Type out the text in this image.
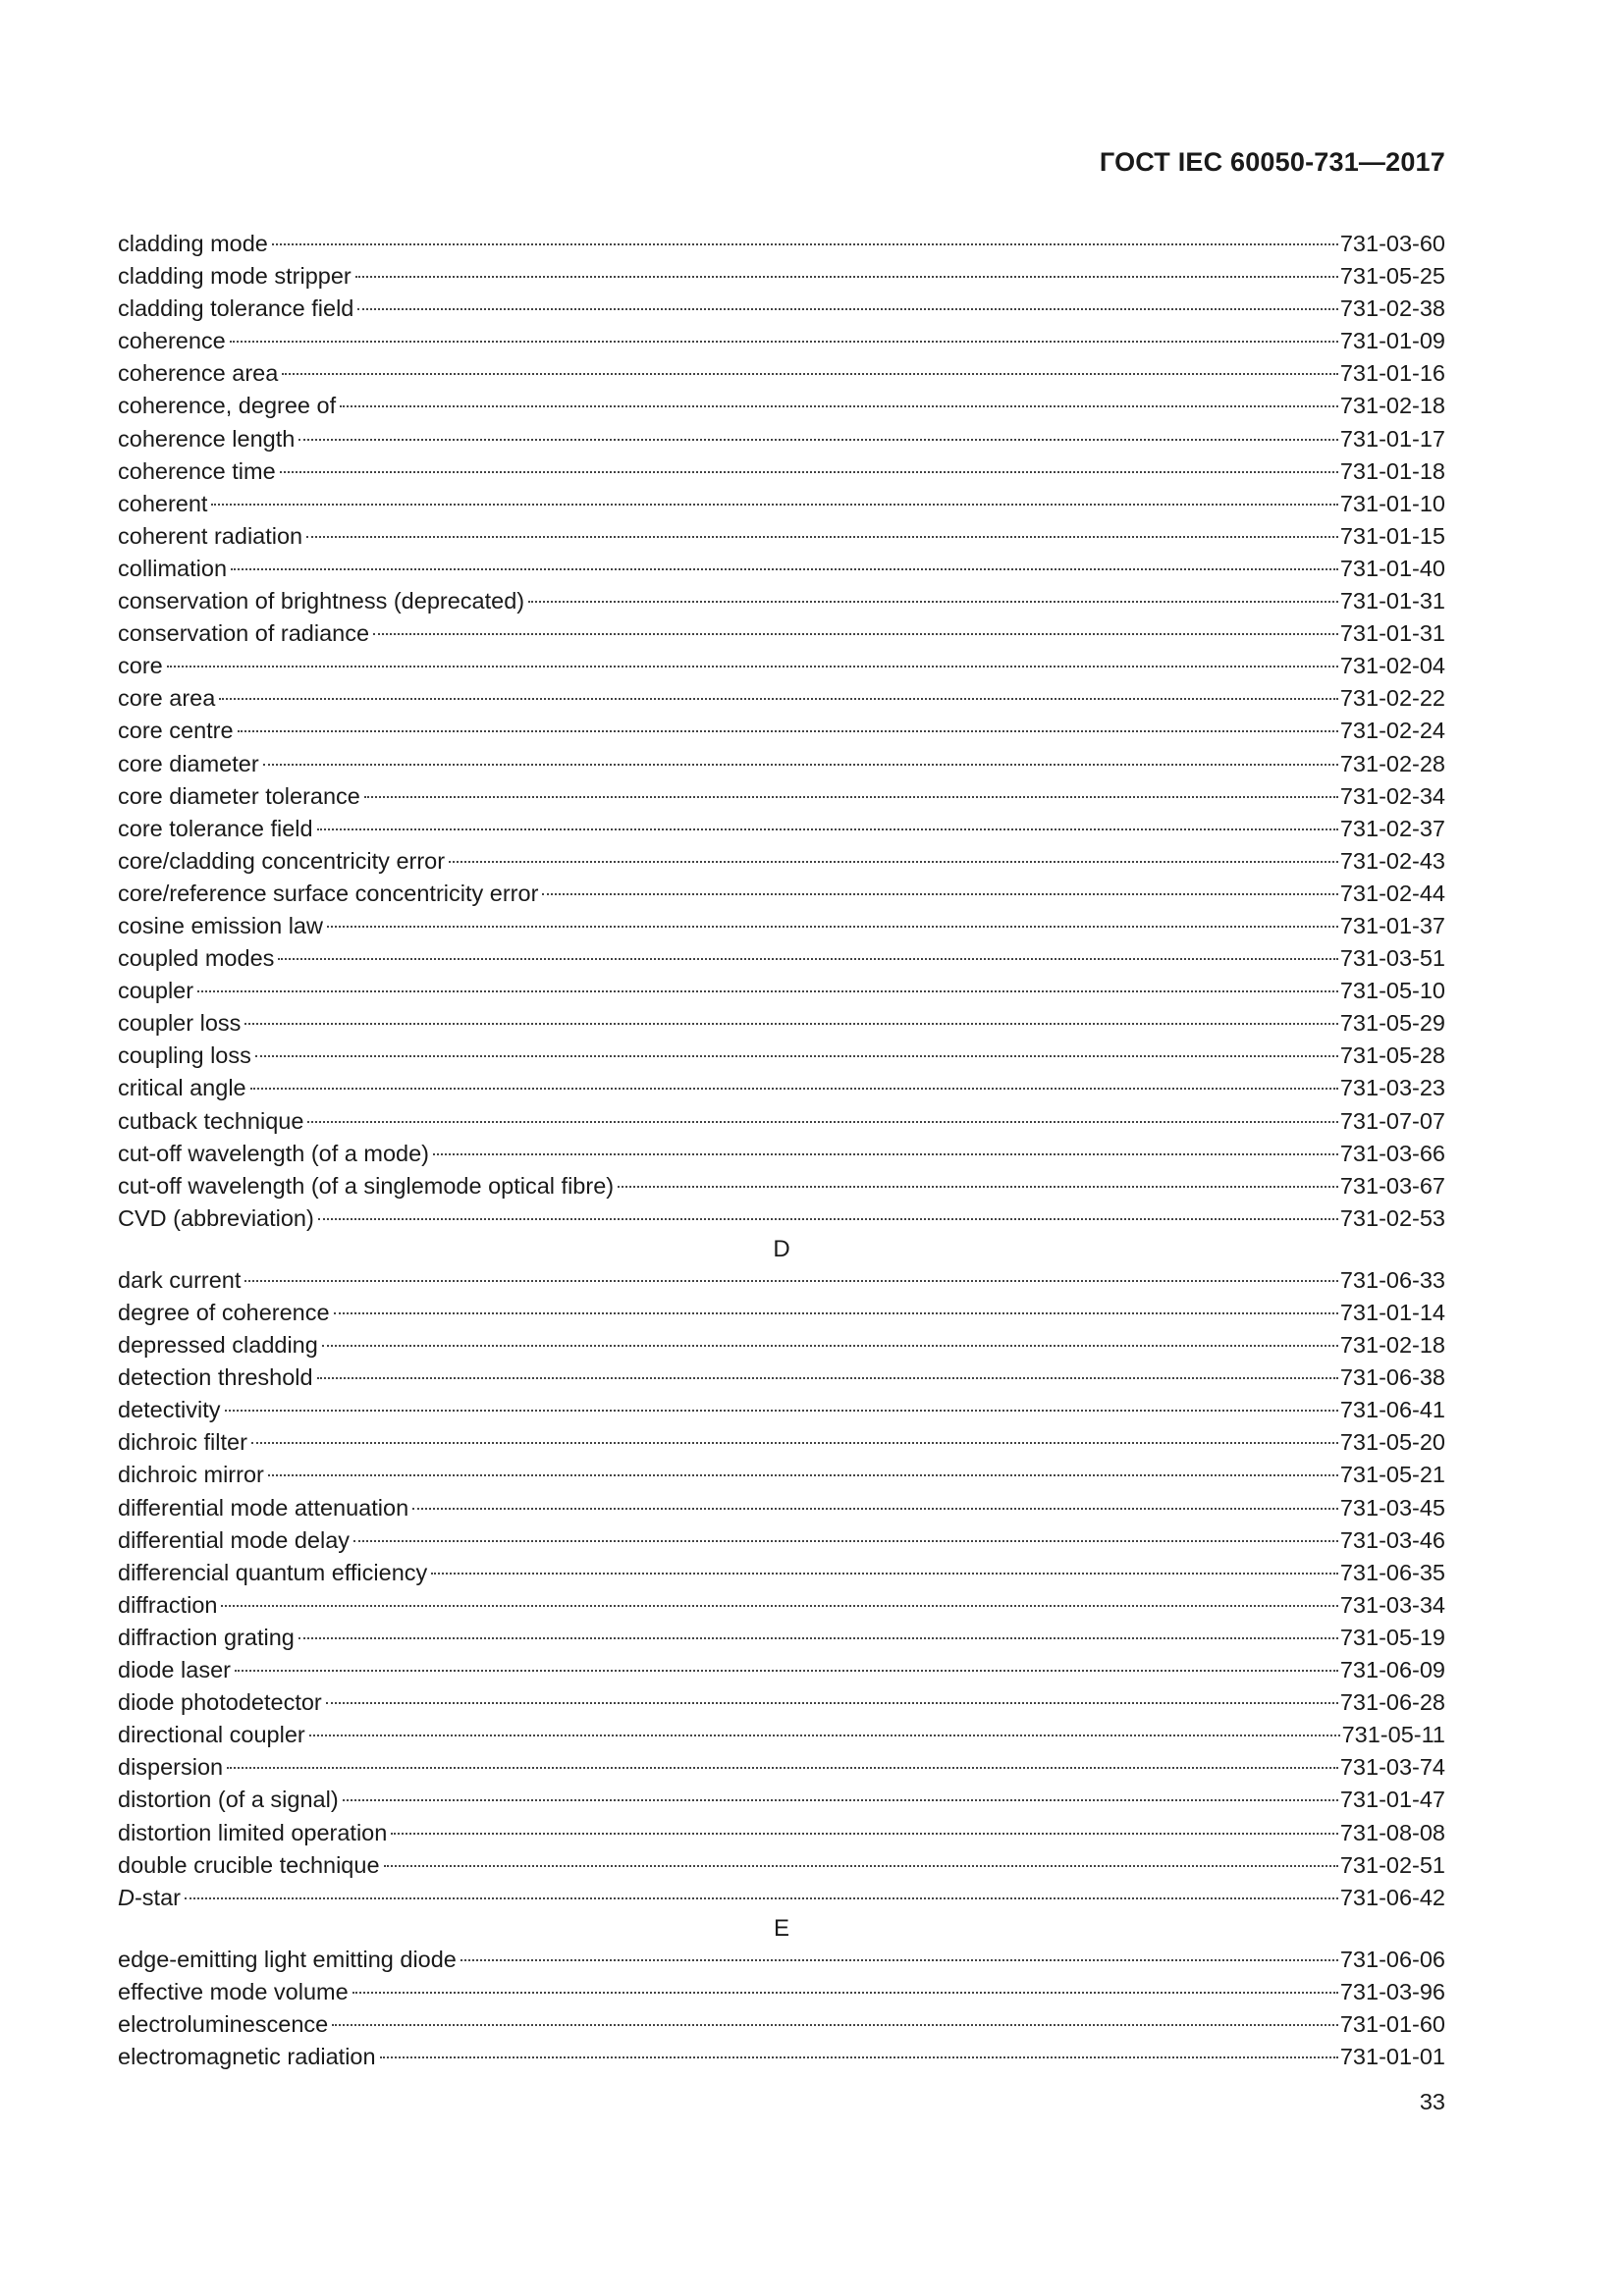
ГОСТ IEC 60050-731—2017
cladding mode	731-03-60
cladding mode stripper	731-05-25
cladding tolerance field	731-02-38
coherence	731-01-09
coherence area	731-01-16
coherence, degree of	731-02-18
coherence length	731-01-17
coherence time	731-01-18
coherent	731-01-10
coherent radiation	731-01-15
collimation	731-01-40
conservation of brightness (deprecated)	731-01-31
conservation of radiance	731-01-31
core	731-02-04
core area	731-02-22
core centre	731-02-24
core diameter	731-02-28
core diameter tolerance	731-02-34
core tolerance field	731-02-37
core/cladding concentricity error	731-02-43
core/reference surface concentricity error	731-02-44
cosine emission law	731-01-37
coupled modes	731-03-51
coupler	731-05-10
coupler loss	731-05-29
coupling loss	731-05-28
critical angle	731-03-23
cutback technique	731-07-07
cut-off wavelength (of a mode)	731-03-66
cut-off wavelength (of a singlemode optical fibre)	731-03-67
CVD (abbreviation)	731-02-53
D
dark current	731-06-33
degree of coherence	731-01-14
depressed cladding	731-02-18
detection threshold	731-06-38
detectivity	731-06-41
dichroic filter	731-05-20
dichroic mirror	731-05-21
differential mode attenuation	731-03-45
differential mode delay	731-03-46
differencial quantum efficiency	731-06-35
diffraction	731-03-34
diffraction grating	731-05-19
diode laser	731-06-09
diode photodetector	731-06-28
directional coupler	731-05-11
dispersion	731-03-74
distortion (of a signal)	731-01-47
distortion limited operation	731-08-08
double crucible technique	731-02-51
D-star	731-06-42
E
edge-emitting light emitting diode	731-06-06
effective mode volume	731-03-96
electroluminescence	731-01-60
electromagnetic radiation	731-01-01
33
